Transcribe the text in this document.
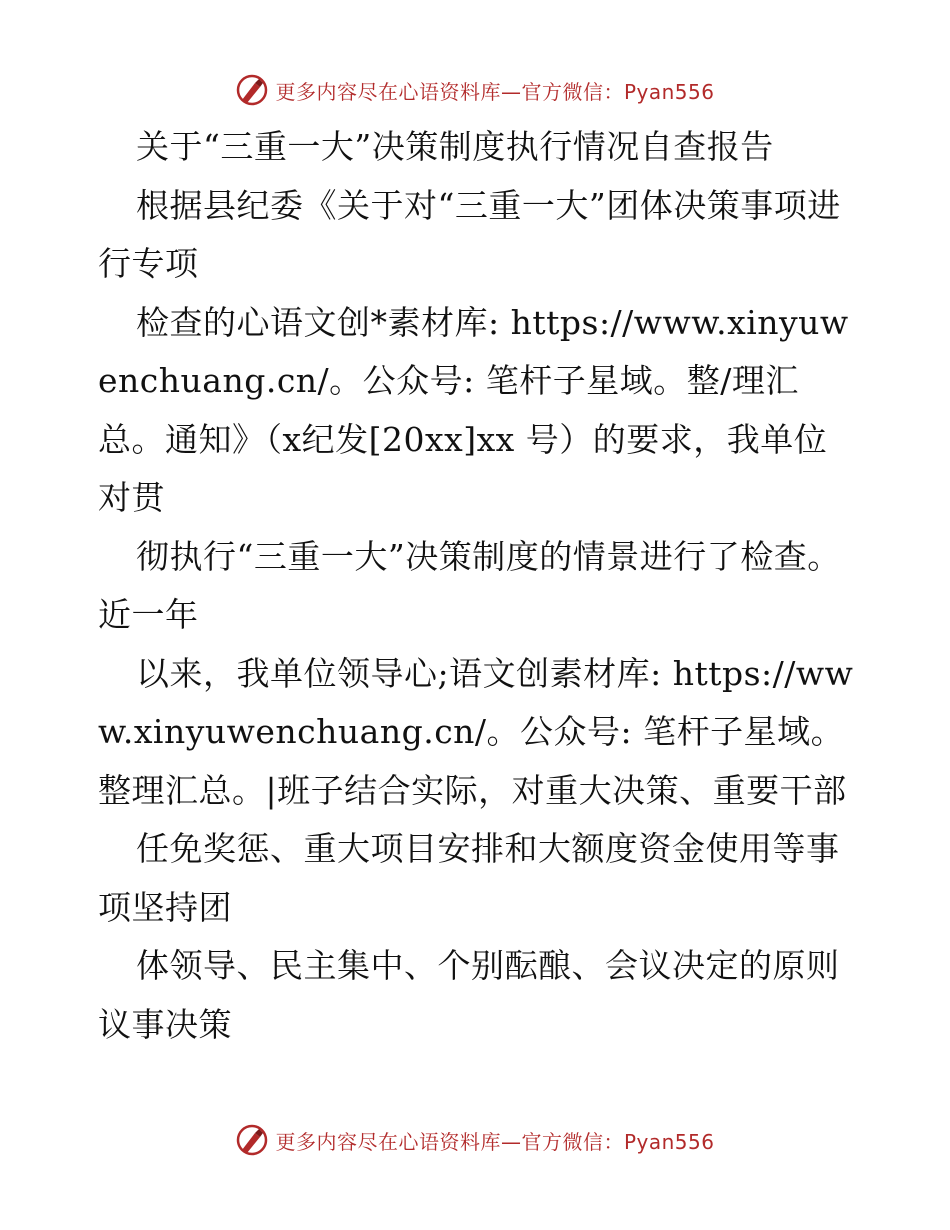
更多内容尽在心语资料库—官方微信：Pyan556

关于“三重一大”决策制度执行情况自查报告

根据县纪委《关于对“三重一大”团体决策事项进行专项

检查的心语文创*素材库: https://www.xinyuwenchuang.cn/。公众号: 笔杆子星域。整/理汇总。通知》（x纪发[20xx]xx 号）的要求，我单位对贯

彻执行“三重一大”决策制度的情景进行了检查。近一年

以来，我单位领导心;语文创素材库: https://www.xinyuwenchuang.cn/。公众号: 笔杆子星域。整理汇总。|班子结合实际，对重大决策、重要干部

任免奖惩、重大项目安排和大额度资金使用等事项坚持团

体领导、民主集中、个别酝酿、会议决定的原则议事决策

更多内容尽在心语资料库—官方微信：Pyan556
